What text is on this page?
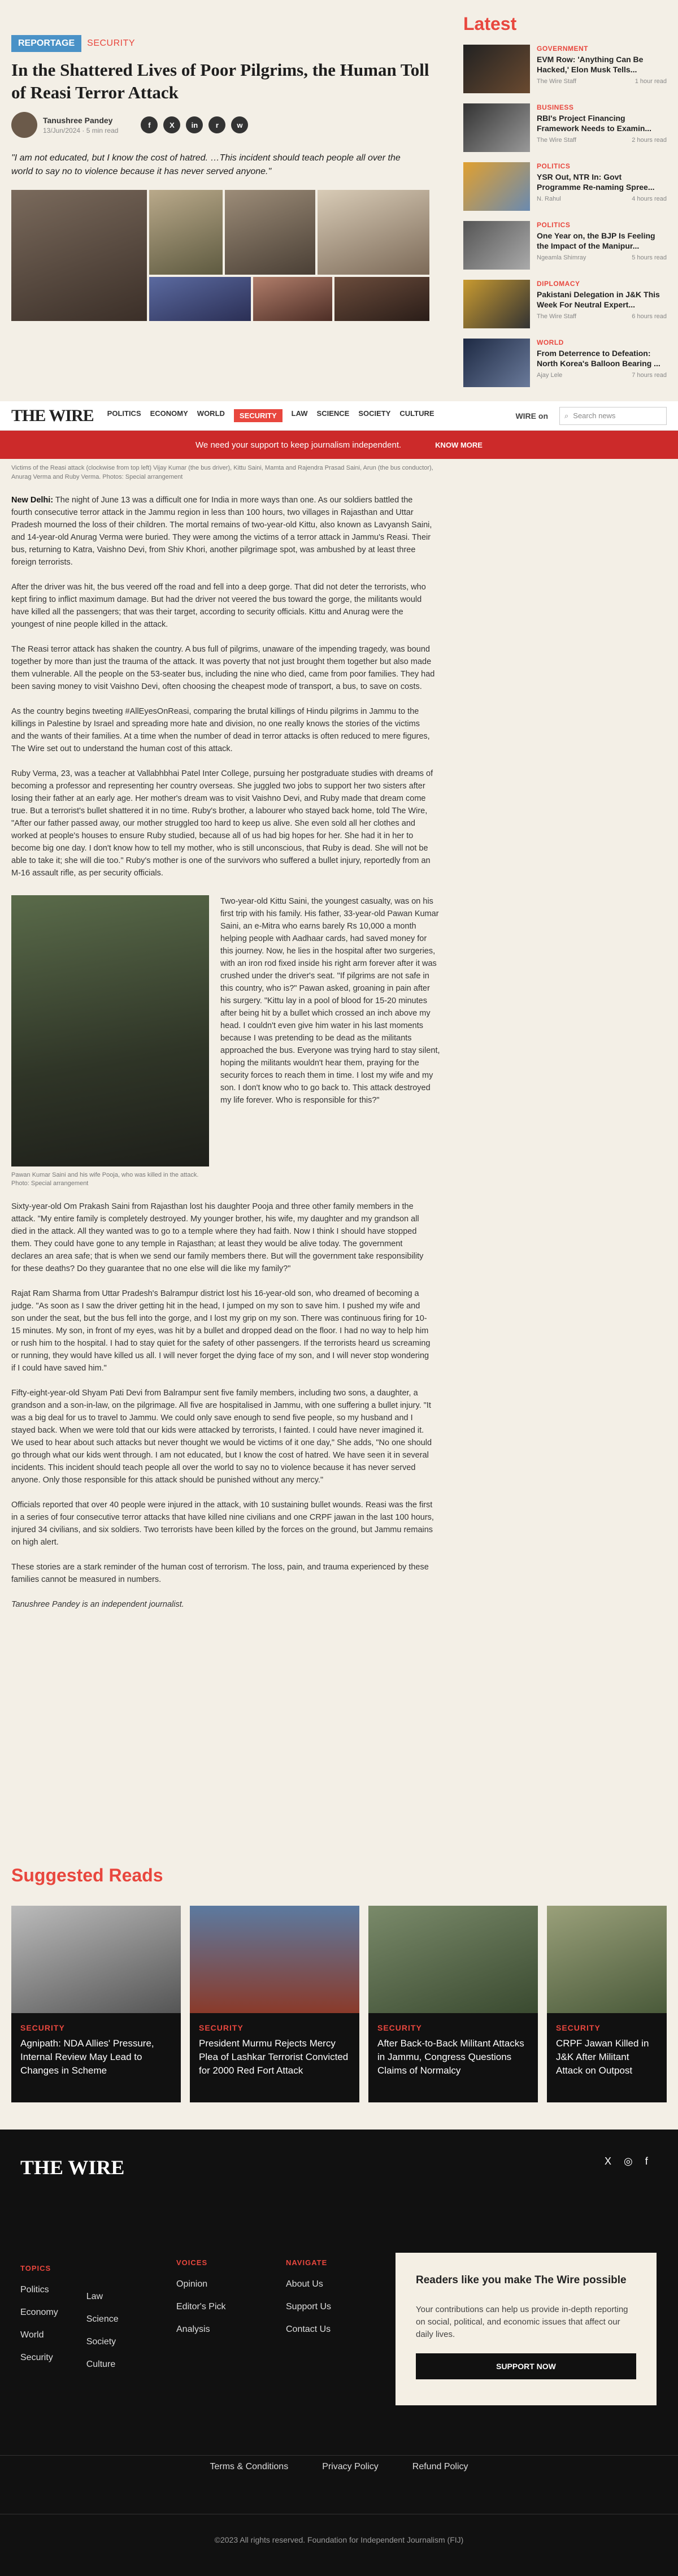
REPORTAGE	SECURITY
In the Shattered Lives of Poor Pilgrims, the Human Toll of Reasi Terror Attack
Tanushree Pandey
13/Jun/2024 · 5 min read
f	X	in	r	w

"I am not educated, but I know the cost of hatred. …This incident should teach people all over the world to say no to violence because it has never served anyone."

THE WIRE POLITICS ECONOMY WORLD	SECURITY	LAW SCIENCE SOCIETY CULTURE	WIRE on ⌕ Search news
We need your support to keep journalism independent.	KNOW MORE

Victims of the Reasi attack (clockwise from top left) Vijay Kumar (the bus driver), Kittu Saini, Mamta and Rajendra Prasad Saini, Arun (the bus conductor), Anurag Verma and Ruby Verma. Photos: Special arrangement

New Delhi: The night of June 13 was a difficult one for India in more ways than one. As our soldiers battled the fourth consecutive terror attack in the Jammu region in less than 100 hours, two villages in Rajasthan and Uttar Pradesh mourned the loss of their children. The mortal remains of two-year-old Kittu, also known as Lavyansh Saini, and 14-year-old Anurag Verma were buried. They were among the victims of a terror attack in Jammu's Reasi. Their bus, returning to Katra, Vaishno Devi, from Shiv Khori, another pilgrimage spot, was ambushed by at least three foreign terrorists.

After the driver was hit, the bus veered off the road and fell into a deep gorge. That did not deter the terrorists, who kept firing to inflict maximum damage. But had the driver not veered the bus toward the gorge, the militants would have killed all the passengers; that was their target, according to security officials. Kittu and Anurag were the youngest of nine people killed in the attack.

The Reasi terror attack has shaken the country. A bus full of pilgrims, unaware of the impending tragedy, was bound together by more than just the trauma of the attack. It was poverty that not just brought them together but also made them vulnerable. All the people on the 53-seater bus, including the nine who died, came from poor families. They had been saving money to visit Vaishno Devi, often choosing the cheapest mode of transport, a bus, to save on costs.

As the country begins tweeting #AllEyesOnReasi, comparing the brutal killings of Hindu pilgrims in Jammu to the killings in Palestine by Israel and spreading more hate and division, no one really knows the stories of the victims and the wants of their families. At a time when the number of dead in terror attacks is often reduced to mere figures, The Wire set out to understand the human cost of this attack.

Ruby Verma, 23, was a teacher at Vallabhbhai Patel Inter College, pursuing her postgraduate studies with dreams of becoming a professor and representing her country overseas. She juggled two jobs to support her two sisters after losing their father at an early age. Her mother's dream was to visit Vaishno Devi, and Ruby made that dream come true. But a terrorist's bullet shattered it in no time. Ruby's brother, a labourer who stayed back home, told The Wire, "After our father passed away, our mother struggled too hard to keep us alive. She even sold all her clothes and worked at people's houses to ensure Ruby studied, because all of us had big hopes for her. She had it in her to become big one day. I don't know how to tell my mother, who is still unconscious, that Ruby is dead. She will not be able to take it; she will die too." Ruby's mother is one of the survivors who suffered a bullet injury, reportedly from an M-16 assault rifle, as per security officials.

Pawan Kumar Saini and his wife Pooja, who was killed in the attack. Photo: Special arrangement

Two-year-old Kittu Saini, the youngest casualty, was on his first trip with his family. His father, 33-year-old Pawan Kumar Saini, an e-Mitra who earns barely Rs 10,000 a month helping people with Aadhaar cards, had saved money for this journey. Now, he lies in the hospital after two surgeries, with an iron rod fixed inside his right arm forever after it was crushed under the driver's seat. "If pilgrims are not safe in this country, who is?" Pawan asked, groaning in pain after his surgery. "Kittu lay in a pool of blood for 15-20 minutes after being hit by a bullet which crossed an inch above my head. I couldn't even give him water in his last moments because I was pretending to be dead as the militants approached the bus. Everyone was trying hard to stay silent, hoping the militants wouldn't hear them, praying for the security forces to reach them in time. I lost my wife and my son. I don't know who to go back to. This attack destroyed my life forever. Who is responsible for this?"

Sixty-year-old Om Prakash Saini from Rajasthan lost his daughter Pooja and three other family members in the attack. "My entire family is completely destroyed. My younger brother, his wife, my daughter and my grandson all died in the attack. All they wanted was to go to a temple where they had faith. Now I think I should have stopped them. They could have gone to any temple in Rajasthan; at least they would be alive today. The government declares an area safe; that is when we send our family members there. But will the government take responsibility for these deaths? Do they guarantee that no one else will die like my family?"

Rajat Ram Sharma from Uttar Pradesh's Balrampur district lost his 16-year-old son, who dreamed of becoming a judge. "As soon as I saw the driver getting hit in the head, I jumped on my son to save him. I pushed my wife and son under the seat, but the bus fell into the gorge, and I lost my grip on my son. There was continuous firing for 10-15 minutes. My son, in front of my eyes, was hit by a bullet and dropped dead on the floor. I had no way to help him or rush him to the hospital. I had to stay quiet for the safety of other passengers. If the terrorists heard us screaming or running, they would have killed us all. I will never forget the dying face of my son, and I will never stop wondering if I could have saved him."

Fifty-eight-year-old Shyam Pati Devi from Balrampur sent five family members, including two sons, a daughter, a grandson and a son-in-law, on the pilgrimage. All five are hospitalised in Jammu, with one suffering a bullet injury. "It was a big deal for us to travel to Jammu. We could only save enough to send five people, so my husband and I stayed back. When we were told that our kids were attacked by terrorists, I fainted. I could have never imagined it. We used to hear about such attacks but never thought we would be victims of it one day," She adds, "No one should go through what our kids went through. I am not educated, but I know the cost of hatred. We have seen it in several incidents. This incident should teach people all over the world to say no to violence because it has never served anyone. Only those responsible for this attack should be punished without any mercy."

Officials reported that over 40 people were injured in the attack, with 10 sustaining bullet wounds. Reasi was the first in a series of four consecutive terror attacks that have killed nine civilians and one CRPF jawan in the last 100 hours, injured 34 civilians, and six soldiers. Two terrorists have been killed by the forces on the ground, but Jammu remains on high alert.

These stories are a stark reminder of the human cost of terrorism. The loss, pain, and trauma experienced by these families cannot be measured in numbers.

Tanushree Pandey is an independent journalist.

Latest
GOVERNMENT
EVM Row: 'Anything Can Be Hacked,' Elon Musk Tells...
The Wire Staff	1 hour read
BUSINESS
RBI's Project Financing Framework Needs to Examin...
The Wire Staff	2 hours read
POLITICS
YSR Out, NTR In: Govt Programme Re-naming Spree...
N. Rahul	4 hours read
POLITICS
One Year on, the BJP Is Feeling the Impact of the Manipur...
Ngeamla Shimray	5 hours read
DIPLOMACY
Pakistani Delegation in J&K This Week For Neutral Expert...
The Wire Staff	6 hours read
WORLD
From Deterrence to Defeation: North Korea's Balloon Bearing ...
Ajay Lele	7 hours read
Suggested Reads
SECURITY
Agnipath: NDA Allies' Pressure, Internal Review May Lead to Changes in Scheme
SECURITY
President Murmu Rejects Mercy Plea of Lashkar Terrorist Convicted for 2000 Red Fort Attack
SECURITY
After Back-to-Back Militant Attacks in Jammu, Congress Questions Claims of Normalcy
SECURITY
CRPF Jawan Killed in J&K After Militant Attack on Outpost
THE WIRE	X ◎ f
TOPICS
Politics
Economy
World
Security
Law
Science
Society
Culture
VOICES
Opinion
Editor's Pick
Analysis
NAVIGATE
About Us
Support Us
Contact Us
Readers like you make The Wire possible
Your contributions can help us provide in-depth reporting on social, political, and economic issues that affect our daily lives.
SUPPORT NOW
Terms & Conditions	Privacy Policy	Refund Policy
©2023 All rights reserved. Foundation for Independent Journalism (FIJ)
